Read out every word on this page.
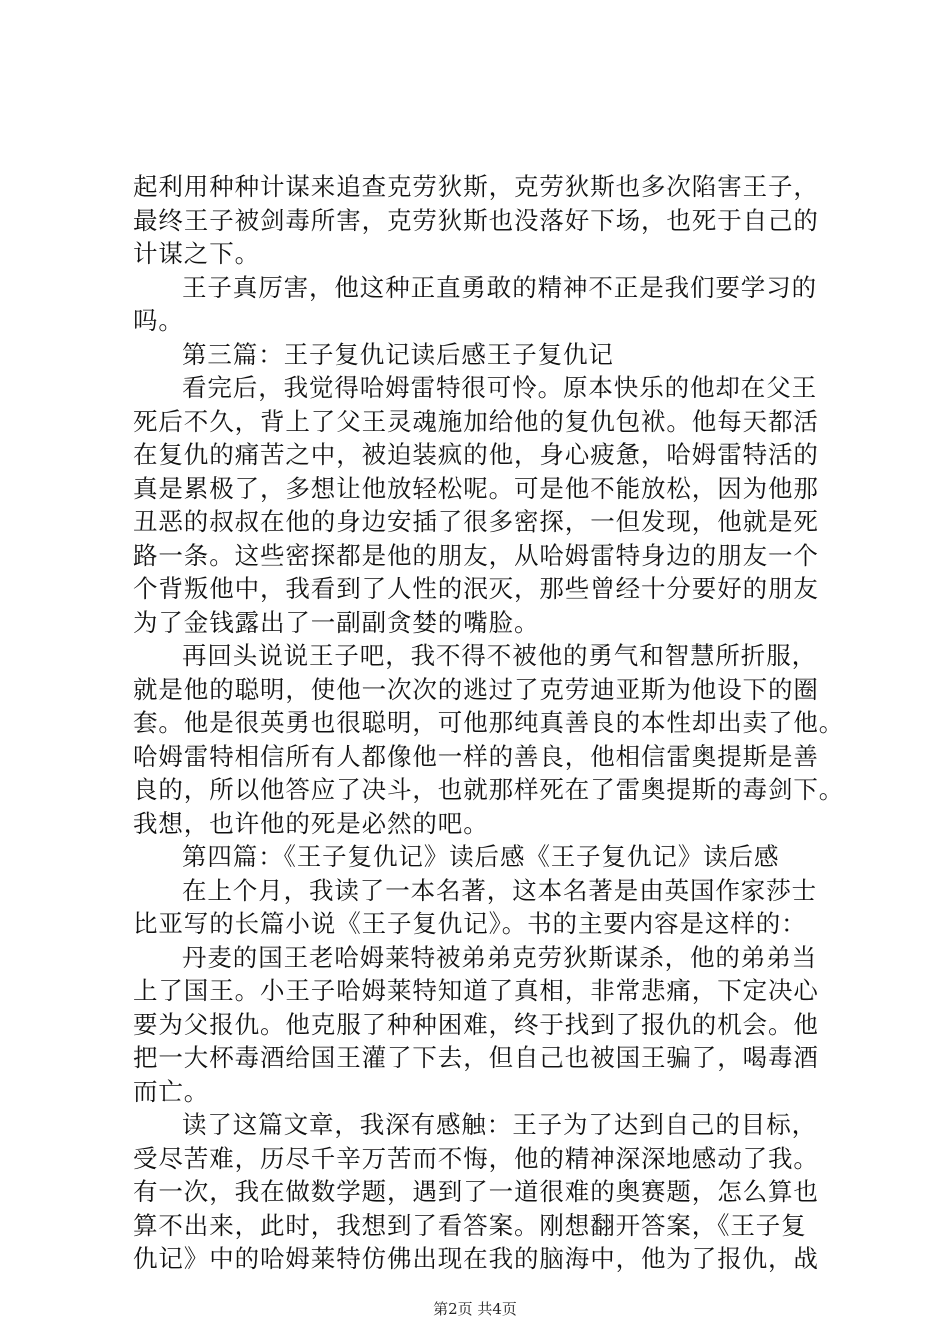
起利用种种计谋来追查克劳狄斯，克劳狄斯也多次陷害王子，
最终王子被剑毒所害，克劳狄斯也没落好下场，也死于自己的
计谋之下。
王子真厉害，他这种正直勇敢的精神不正是我们要学习的
吗。
第三篇：王子复仇记读后感王子复仇记
看完后，我觉得哈姆雷特很可怜。原本快乐的他却在父王
死后不久，背上了父王灵魂施加给他的复仇包袱。他每天都活
在复仇的痛苦之中，被迫装疯的他，身心疲惫，哈姆雷特活的
真是累极了，多想让他放轻松呢。可是他不能放松，因为他那
丑恶的叔叔在他的身边安插了很多密探，一但发现，他就是死
路一条。这些密探都是他的朋友，从哈姆雷特身边的朋友一个
个背叛他中，我看到了人性的泯灭，那些曾经十分要好的朋友
为了金钱露出了一副副贪婪的嘴脸。
再回头说说王子吧，我不得不被他的勇气和智慧所折服，
就是他的聪明，使他一次次的逃过了克劳迪亚斯为他设下的圈
套。他是很英勇也很聪明，可他那纯真善良的本性却出卖了他。
哈姆雷特相信所有人都像他一样的善良，他相信雷奥提斯是善
良的，所以他答应了决斗，也就那样死在了雷奥提斯的毒剑下。
我想，也许他的死是必然的吧。
第四篇：《王子复仇记》读后感《王子复仇记》读后感
在上个月，我读了一本名著，这本名著是由英国作家莎士
比亚写的长篇小说《王子复仇记》。书的主要内容是这样的：
丹麦的国王老哈姆莱特被弟弟克劳狄斯谋杀，他的弟弟当
上了国王。小王子哈姆莱特知道了真相，非常悲痛，下定决心
要为父报仇。他克服了种种困难，终于找到了报仇的机会。他
把一大杯毒酒给国王灌了下去，但自己也被国王骗了，喝毒酒
而亡。
读了这篇文章，我深有感触：王子为了达到自己的目标，
受尽苦难，历尽千辛万苦而不悔，他的精神深深地感动了我。
有一次，我在做数学题，遇到了一道很难的奥赛题，怎么算也
算不出来，此时，我想到了看答案。刚想翻开答案，《王子复
仇记》中的哈姆莱特仿佛出现在我的脑海中，他为了报仇，战
第2页 共4页
